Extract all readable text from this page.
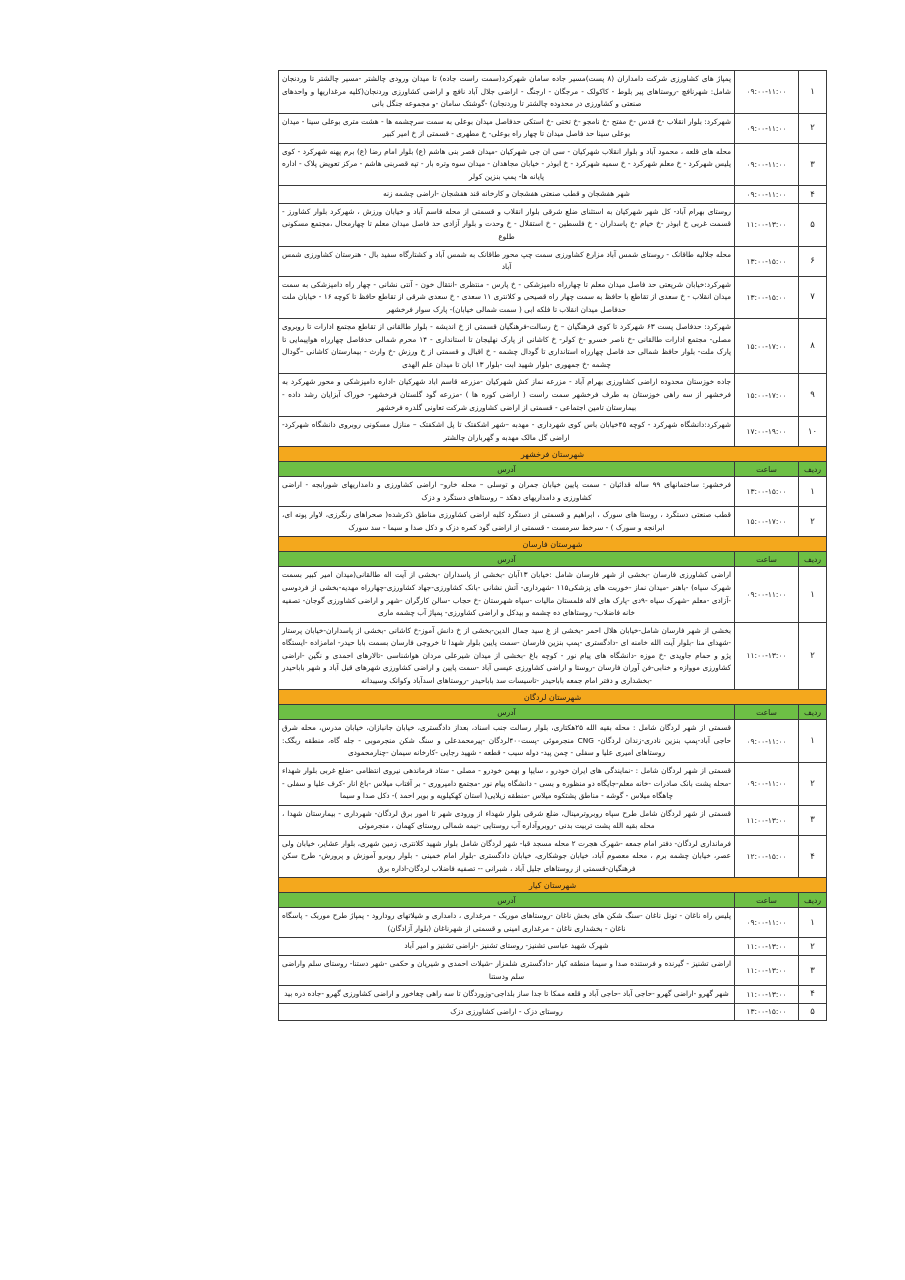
۱	۰۹:۰۰-۱۱:۰۰	پمپاژ های کشاورزی شرکت دامداران (۸ پست)مسیر جاده سامان شهرکرد(سمت راست جاده) تا میدان ورودی چالشتر -مسیر چالشتر تا وردنجان شامل: شهرنافچ -روستاهای پیر بلوط - کاکولک - مرجگان - ارجنگ - اراضی جلال آباد نافچ و اراضی کشاورزی وردنجان(کلیه مرغداریها و واحدهای صنعتی و کشاورزی در محدوده چالشتر تا وردنجان) -گوشتک سامان -و مجموعه جنگل بانی
۲	۰۹:۰۰-۱۱:۰۰	شهرکرد: بلوار انقلاب -خ قدس -خ مفتح -خ نامجو -خ تختی -خ استکی حدفاصل میدان بوعلی به سمت سرچشمه ها - هشت متری بوعلی سینا - میدان بوعلی سینا حد فاصل میدان تا چهار راه بوعلی- خ مطهری - قسمتی از خ امیر کبیر
۳	۰۹:۰۰-۱۱:۰۰	محله های قلعه ، محمود آباد و بلوار انقلاب شهرکیان - سی ان جی شهرکیان -میدان قصر بنی هاشم (ع) بلوار امام رضا (ع) برم پهنه شهرکرد - کوی پلیس شهرکرد - خ معلم شهرکرد - خ سمیه شهرکرد - خ ابوذر - خیابان مجاهدان - میدان سوه وتره بار - تپه قصربنی هاشم - مرکز تعویض پلاک - اداره پایانه ها- پمپ بنزین کولر
۴	۰۹:۰۰-۱۱:۰۰	شهر هفشجان و قطب صنعتی هفشجان و کارخانه قند هفشجان -اراضی چشمه زنه
۵	۱۱:۰۰-۱۳:۰۰	روستای بهرام آباد- کل شهر شهرکیان به استثنای ضلع شرقی بلوار انقلاب و قسمتی از محله قاسم آباد و خیابان ورزش ، شهرکرد بلوار کشاورز - قسمت غربی خ ابوذر -خ خیام -خ پاسداران - خ فلسطین - خ استقلال - خ وحدت و بلوار آزادی حد فاصل میدان معلم تا چهارمحال ،مجتمع مسکونی طلوع
۶	۱۳:۰۰-۱۵:۰۰	محله جلالیه طاقانک - روستای شمس آباد مزارع کشاورزی سمت چپ محور طاقانک به شمس آباد و کشتارگاه سفید بال - هنرستان کشاورزی شمس آباد
۷	۱۳:۰۰-۱۵:۰۰	شهرکرد:خیابان شریعتی حد فاصل میدان معلم تا چهارراه دامپزشکی - خ پارس - منتظری -انتقال خون - آنتی نشانی - چهار راه دامپزشکی به سمت میدان انقلاب - خ سعدی از تقاطع با حافظ به سمت چهار راه قصیحی و کلانتری ۱۱ سعدی - خ سعدی شرقی از تقاطع حافظ تا کوچه ۱۶ - خیابان ملت حدفاصل میدان انقلاب تا فلکه ابی ( سمت شمالی خیابان)- پارک سوار فرخشهر
۸	۱۵:۰۰-۱۷:۰۰	شهرکرد: حدفاصل پست ۶۳ شهرکرد تا کوی فرهنگیان – خ رسالت-فرهنگیان قسمتی از خ اندیشه - بلوار طالقانی از تقاطع مجتمع ادارات تا روبروی مصلی- مجتمع ادارات طالقانی -خ ناصر خسرو -خ کولر- خ کاشانی از پارک نهلیجان تا استانداری - ۱۴ محرم شمالی حدفاصل چهارراه هواپیمایی تا پارک ملت- بلوار حافظ شمالی حد فاصل چهارراه استانداری تا گودال چشمه - خ اقبال و قسمتی از خ ورزش -خ وارث - بیمارستان کاشانی –گودال چشمه -خ جمهوری -بلوار شهید ابت -بلوار ۱۳ ابان تا میدان علم الهدی
۹	۱۵:۰۰-۱۷:۰۰	جاده خوزستان محدوده اراضی کشاورزی بهرام آباد - مزرعه نماز کش شهرکیان -مزرعه قاسم اباد شهرکیان -اداره دامپزشکی و محور شهرکرد به فرخشهر از سه راهی خوزستان به طرف فرخشهر سمت راست ( اراضی کوره ها ) -مزرعه گود گلستان فرخشهر- خوراک آبزایان رشد داده - بیمارستان تامین اجتماعی - قسمتی از اراضی کشاورزی شرکت تعاونی گلدره فرخشهر
۱۰	۱۷:۰۰-۱۹:۰۰	شهرکرد:دانشگاه شهرکرد - کوچه ۴۵خیابان باس کوی شهرداری - مهدبه –شهر اشکفتک تا پل اشکفتک – منازل مسکونی روبروی دانشگاه شهرکرد-اراضی گل مالک مهدبه و گهرباران چالشتر
شهرستان فرخشهر		
ردیف	ساعت	آدرس
۱	۱۳:۰۰-۱۵:۰۰	فرخشهر: ساختمانهای ۹۹ ساله قدائیان - سمت پایین خیابان جمران و توسلی – محله خارو– اراضی کشاورزی و دامداریهای شورابجه - اراضی کشاورزی و دامداریهای دهکد – روستاهای دستگرد و دزک
۲	۱۵:۰۰-۱۷:۰۰	قطب صنعتی دستگرد ، روستا های سورک ، ابراهیم و قسمتی از دستگرد کلبه اراضی کشاورزی مناطق ذکرشده( صحراهای رنگرزی، لاوار پونه ای، ابرانجه و سورک ) - سرخط سرمست - قسمتی از اراضی گود کمره دزک و دکل صدا و سیما - سد سورک
شهرستان فارسان		
ردیف	ساعت	آدرس
۱	۰۹:۰۰-۱۱:۰۰	اراضی کشاورزی فارسان -بخشی از شهر فارسان شامل :خیابان ۱۳آبان -بخشی از پاسداران -بخشی از آیت اله طالقانی(میدان امیر کبیر بسمت شهرک سپاه) -باهنر -میدان نماز -خوربت های پزشکی۱۱۵ -شهرداری- آتش نشانی -بانک کشاورزی-جهاد کشاورزی-چهارراه مهدیه-بخشی از فردوسی -آزادی -معلم -شهرک سپاه -۹دی -پارک های لاله فلمستان مالیات -سپاه شهرستان -خ حجاب -سالن کارگران -شهر و اراضی کشاورزی گوجان- تصفیه خانه فاضلاب- روستاهای ده چشمه و بیدکل و اراضی کشاورزی- پمپاژ آب چشمه ماری
۲	۱۱:۰۰-۱۳:۰۰	بخشی از شهر فارسان شامل-خیابان هلال احمر -بخشی از غ سید جمال الدین-بخشی از خ دانش آموز-خ کاشانی -بخشی از پاسداران-خیابان پرستار -شهدای منا -بلوار آیت الله خامنه ای -دادگستری -پمپ بنزین فارسان -سمت پایین بلوار شهدا تا خروجی فارسان بسمت بابا حیدر- امامزاده -ایستگاه پژو و حمام جاویدی -خ موزه -دانشگاه های پیام نور - کوچه باغ -بخشی از میدان شیرعلی مردان هواشناسی -تالارهای احمدی و نگین -اراضی کشاورزی مووازه و خنابی-فن آوران فارسان -روستا و اراضی کشاورزی عیسی آباد -سمت پایین و اراضی کشاورزی شهرهای قبل آباد و شهر باباحیدر -بخشداری و دفتر امام جمعه باباحیدر -تاسیسات سد باباحیدر -روستاهای اسدآباد وکوانک وسیبدانه
شهرستان لردگان		
ردیف	ساعت	آدرس
۱	۰۹:۰۰-۱۱:۰۰	قسمتی از شهر لردگان شامل : محله بقیه الله ۲۵هکتاری، بلوار رسالت جنب اسناد، بعداز دادگستری، خیابان جانبازان، خیابان مدرس، محله شرق حاجی آباد-پمپ بنزین نادری-زندان لردگان- CNG منجرموئی -پست۴۰۰لردگان -پیرمحمدعلی و سنگ شکن منجرموبی - جله گاه، منطقه ربگک: روستاهای امیری علیا و سفلی - چمن پید- دوله سیب - قطعه - شهید رجایی -کارخانه سیمان -چنارمحمودی
۲	۰۹:۰۰-۱۱:۰۰	قسمتی از شهر لردگان شامل : -نمایندگی های ایران خودرو ، سایپا و بهمن خودرو - مصلی - ستاد فرماندهی نیروی انتظامی -ضلع غربی بلوار شهداء -محله پشت بانک صادرات -خانه معلم-جایگاه دو منظوره و بسی - دانشگاه پیام نور -مجتمع دامپروری - بر آفتاب میلاس -باغ انار -کرف علیا و سفلی - چاهگاه میلاس - گوشه - مناطق پشتکوه میلاس -منطقه زیلایی( استان کهکیلویه و بویر احمد )- دکل صدا و سیما
۳	۱۱:۰۰-۱۳:۰۰	قسمتی از شهر لردگان شامل طرح سپاه روبروترمینال، ضلع شرقی بلوار شهداء از ورودی شهر تا امور برق لردگان- شهرداری - بیمارستان شهدا ، محله بقیه الله پشت تربیت بدنی -روبروآداره آب روستایی -نیمه شمالی روستای کهمان ، منجرموئی
۴	۱۲:۰۰-۱۵:۰۰	فرمانداری لردگان- دفتر امام جمعه -شهرک هجرت ۲ محله مسجد قبا- شهر لردگان شامل بلوار شهید کلانتری، زمین شهری، بلوار عشایر، خیابان ولی عصر، خیابان چشمه برم ، محله معصوم آباد، خیابان جوشکاری، خیابان دادگستری -بلوار امام خمینی - بلوار روبرو آموزش و پرورش- طرح سکن فرهنگیان-قسمتی از روستاهای جلیل آباد ، شبرانی -- تصفیه فاضلاب لردگان-اداره برق
شهرستان کیار		
ردیف	ساعت	آدرس
۱	۰۹:۰۰-۱۱:۰۰	پلیس راه ناغان - تونل ناغان -سنگ شکن های بخش ناغان -روستاهای موربک - مرغداری ، دامداری و شیلاتهای رودارود - پمپاژ طرح موربک - پاسگاه ناغان - بخشداری ناغان - مرغداری امینی و قسمتی از شهرناغان (بلوار آزادگان)
۲	۱۱:۰۰-۱۳:۰۰	شهرک شهید عباسی تشنیز- روستای تشنیز -اراضی تشنیز و امیر آباد
۳	۱۱:۰۰-۱۳:۰۰	اراضی تشنیز - گیرنده و فرستنده صدا و سیما منطقه کیار -دادگستری شلمزار -شیلات احمدی و شیریان و حکمی -شهر دستنا- روستای سلم واراضی سلم ودستنا
۴	۱۱:۰۰-۱۳:۰۰	شهر گهرو -اراضی گهرو -حاجی آباد -حاجی آباد و قلعه ممکا تا جدا ساز بلداجی-وزوردگان تا سه راهی چغاخور و اراضی کشاورزی گهرو -جاده دره بید
۵	۱۳:۰۰-۱۵:۰۰	روستای دزک - اراضی کشاورزی دزک
